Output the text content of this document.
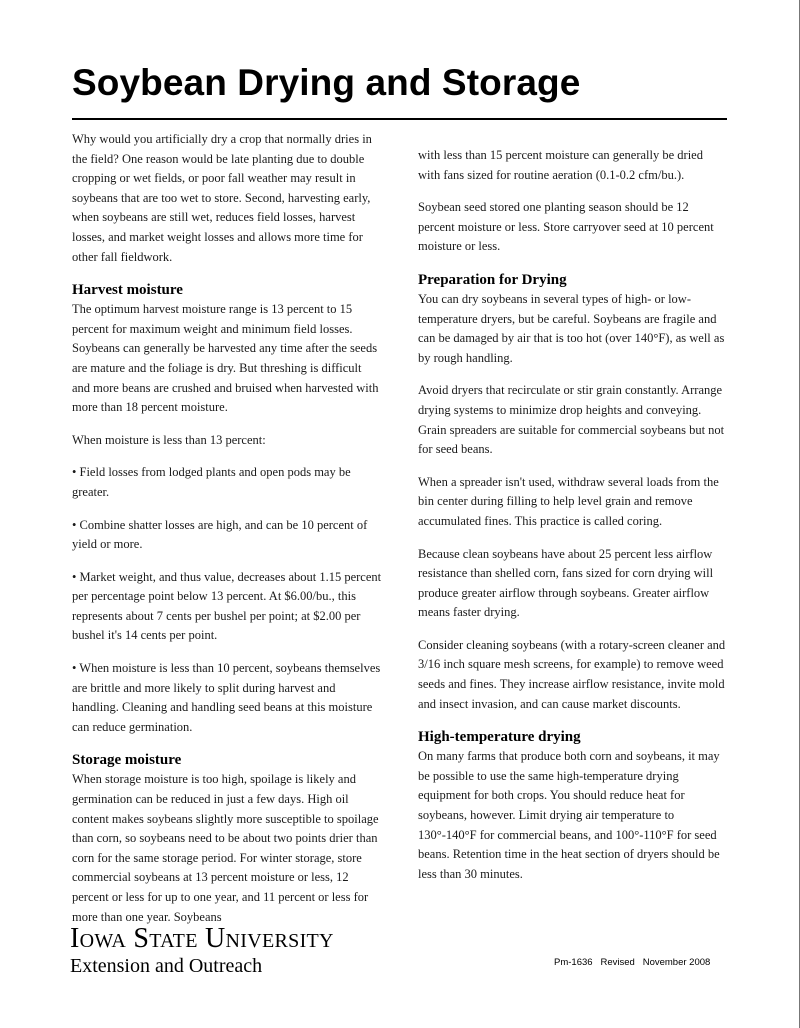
Soybean Drying and Storage

Why would you artificially dry a crop that normally dries in the field? One reason would be late planting due to double cropping or wet fields, or poor fall weather may result in soybeans that are too wet to store. Second, harvesting early, when soybeans are still wet, reduces field losses, harvest losses, and market weight losses and allows more time for other fall fieldwork.

Harvest moisture

The optimum harvest moisture range is 13 percent to 15 percent for maximum weight and minimum field losses. Soybeans can generally be harvested any time after the seeds are mature and the foliage is dry. But threshing is difficult and more beans are crushed and bruised when harvested with more than 18 percent moisture.

When moisture is less than 13 percent:

• Field losses from lodged plants and open pods may be greater.

• Combine shatter losses are high, and can be 10 percent of yield or more.

• Market weight, and thus value, decreases about 1.15 percent per percentage point below 13 percent. At $6.00/bu., this represents about 7 cents per bushel per point; at $2.00 per bushel it's 14 cents per point.

• When moisture is less than 10 percent, soybeans themselves are brittle and more likely to split during harvest and handling. Cleaning and handling seed beans at this moisture can reduce germination.

Storage moisture

When storage moisture is too high, spoilage is likely and germination can be reduced in just a few days. High oil content makes soybeans slightly more susceptible to spoilage than corn, so soybeans need to be about two points drier than corn for the same storage period. For winter storage, store commercial soybeans at 13 percent moisture or less, 12 percent or less for up to one year, and 11 percent or less for more than one year. Soybeans

with less than 15 percent moisture can generally be dried with fans sized for routine aeration (0.1-0.2 cfm/bu.).

Soybean seed stored one planting season should be 12 percent moisture or less. Store carryover seed at 10 percent moisture or less.

Preparation for Drying

You can dry soybeans in several types of high- or low-temperature dryers, but be careful. Soybeans are fragile and can be damaged by air that is too hot (over 140°F), as well as by rough handling.

Avoid dryers that recirculate or stir grain constantly. Arrange drying systems to minimize drop heights and conveying. Grain spreaders are suitable for commercial soybeans but not for seed beans.

When a spreader isn't used, withdraw several loads from the bin center during filling to help level grain and remove accumulated fines. This practice is called coring.

Because clean soybeans have about 25 percent less airflow resistance than shelled corn, fans sized for corn drying will produce greater airflow through soybeans. Greater airflow means faster drying.

Consider cleaning soybeans (with a rotary-screen cleaner and 3/16 inch square mesh screens, for example) to remove weed seeds and fines. They increase airflow resistance, invite mold and insect invasion, and can cause market discounts.

High-temperature drying

On many farms that produce both corn and soybeans, it may be possible to use the same high-temperature drying equipment for both crops. You should reduce heat for soybeans, however. Limit drying air temperature to 130°-140°F for commercial beans, and 100°-110°F for seed beans. Retention time in the heat section of dryers should be less than 30 minutes.

Iowa State University
Extension and Outreach	Pm-1636   Revised   November 2008
